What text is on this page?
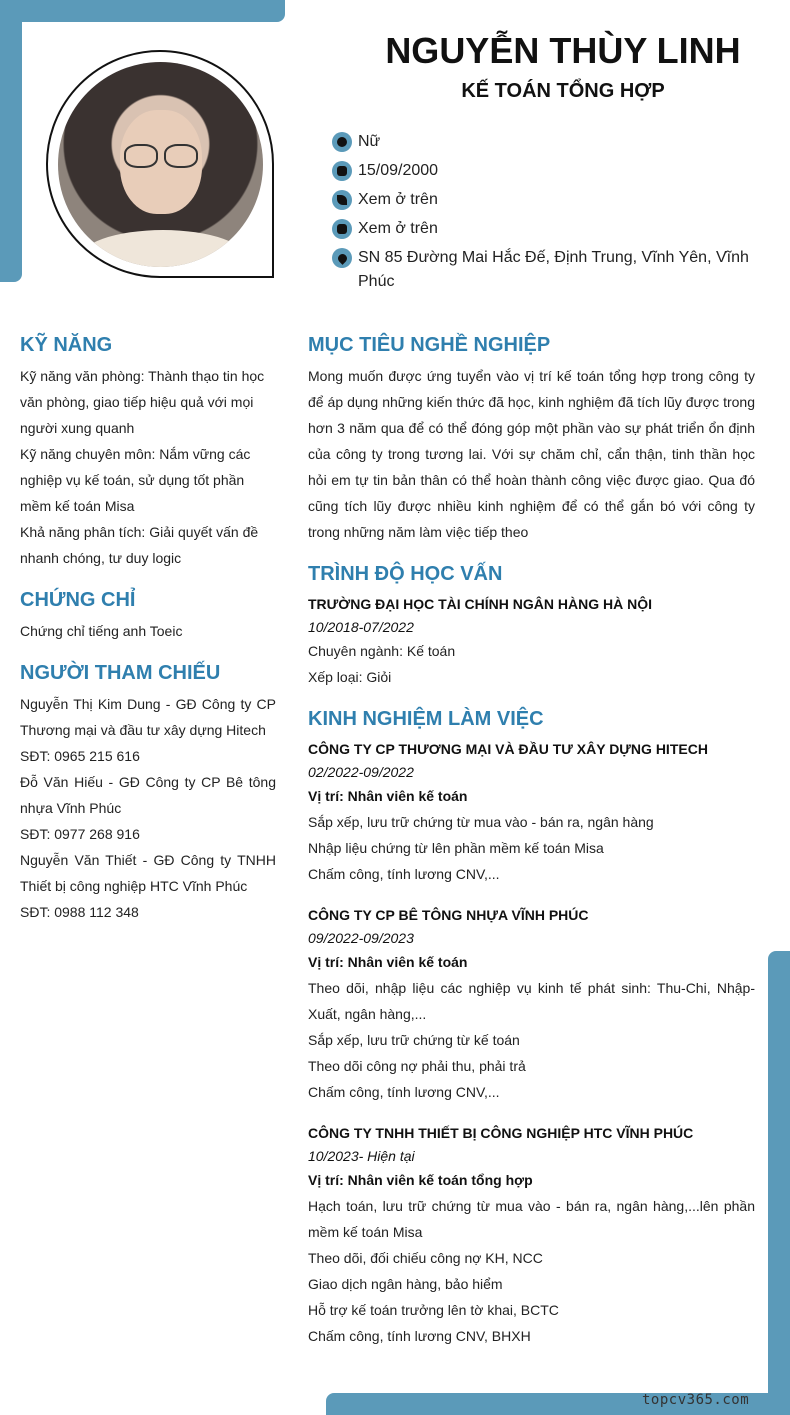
topcv365.com
NGUYỄN THÙY LINH
KẾ TOÁN TỔNG HỢP
Nữ
15/09/2000
Xem ở trên
Xem ở trên
SN 85 Đường Mai Hắc Đế, Định Trung, Vĩnh Yên, Vĩnh Phúc
KỸ NĂNG

Kỹ năng văn phòng: Thành thạo tin học văn phòng, giao tiếp hiệu quả với mọi người xung quanh

Kỹ năng chuyên môn: Nắm vững các nghiệp vụ kế toán, sử dụng tốt phần mềm kế toán Misa

Khả năng phân tích: Giải quyết vấn đề nhanh chóng, tư duy logic

CHỨNG CHỈ

Chứng chỉ tiếng anh Toeic

NGƯỜI THAM CHIẾU

Nguyễn Thị Kim Dung - GĐ Công ty CP Thương mại và đầu tư xây dựng Hitech

SĐT: 0965 215 616

Đỗ Văn Hiếu - GĐ Công ty CP Bê tông nhựa Vĩnh Phúc

SĐT: 0977 268 916

Nguyễn Văn Thiết - GĐ Công ty TNHH Thiết bị công nghiệp HTC Vĩnh Phúc

SĐT: 0988 112 348

MỤC TIÊU NGHỀ NGHIỆP

Mong muốn được ứng tuyển vào vị trí kế toán tổng hợp trong công ty để áp dụng những kiến thức đã học, kinh nghiệm đã tích lũy được trong hơn 3 năm qua để có thể đóng góp một phần vào sự phát triển ổn định của công ty trong tương lai. Với sự chăm chỉ, cẩn thận, tinh thần học hỏi em tự tin bản thân có thể hoàn thành công việc được giao. Qua đó cũng tích lũy được nhiều kinh nghiệm để có thể gắn bó với công ty trong những năm làm việc tiếp theo

TRÌNH ĐỘ HỌC VẤN
TRƯỜNG ĐẠI HỌC TÀI CHÍNH NGÂN HÀNG HÀ NỘI
10/2018-07/2022

Chuyên ngành: Kế toán

Xếp loại: Giỏi

KINH NGHIỆM LÀM VIỆC
CÔNG TY CP THƯƠNG MẠI VÀ ĐẦU TƯ XÂY DỰNG HITECH
02/2022-09/2022
Vị trí: Nhân viên kế toán

Sắp xếp, lưu trữ chứng từ mua vào - bán ra, ngân hàng

Nhập liệu chứng từ lên phần mềm kế toán Misa

Chấm công, tính lương CNV,...

CÔNG TY CP BÊ TÔNG NHỰA VĨNH PHÚC
09/2022-09/2023
Vị trí: Nhân viên kế toán

Theo dõi, nhập liệu các nghiệp vụ kinh tế phát sinh: Thu-Chi, Nhập-Xuất, ngân hàng,...

Sắp xếp, lưu trữ chứng từ kế toán

Theo dõi công nợ phải thu, phải trả

Chấm công, tính lương CNV,...

CÔNG TY TNHH THIẾT BỊ CÔNG NGHIỆP HTC VĨNH PHÚC
10/2023- Hiện tại
Vị trí: Nhân viên kế toán tổng hợp

Hạch toán, lưu trữ chứng từ mua vào - bán ra, ngân hàng,...lên phần mềm kế toán Misa

Theo dõi, đối chiếu công nợ KH, NCC

Giao dịch ngân hàng, bảo hiểm

Hỗ trợ kế toán trưởng lên tờ khai, BCTC

Chấm công, tính lương CNV, BHXH
